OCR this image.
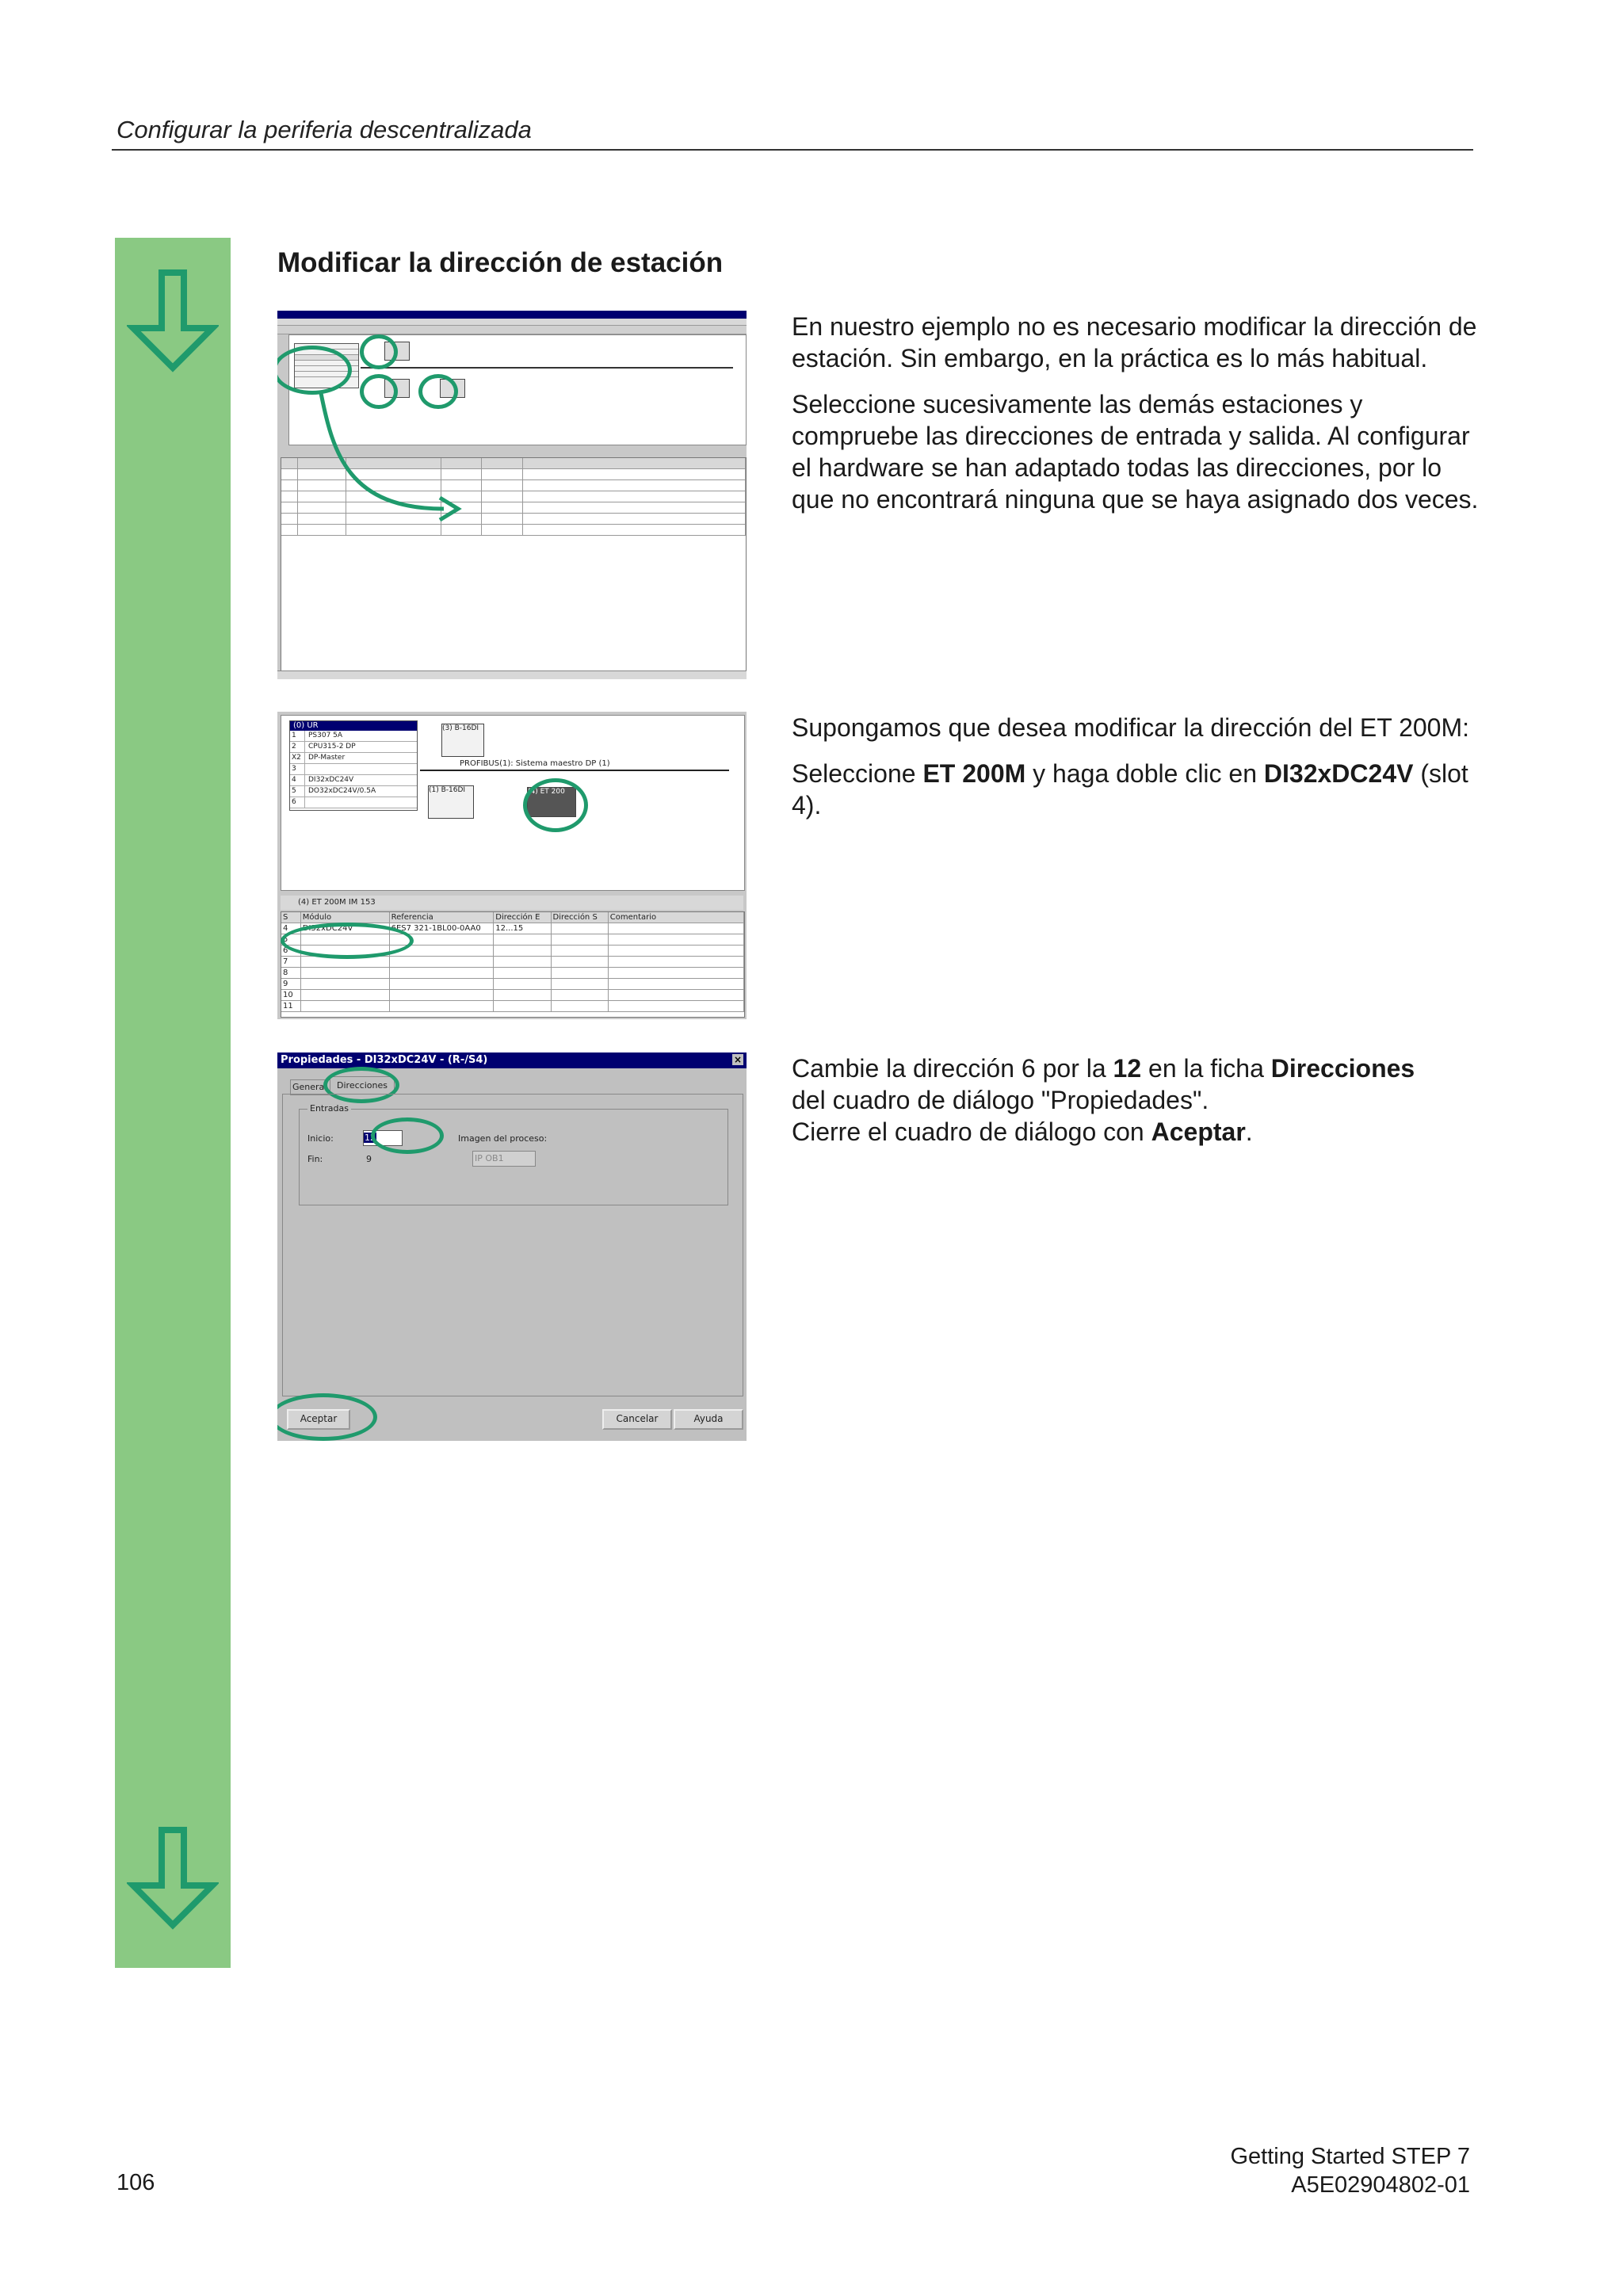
Configurar la periferia descentralizada
Modificar la dirección de estación

En nuestro ejemplo no es necesario modificar la dirección de estación. Sin embargo, en la práctica es lo más habitual.

Seleccione sucesivamente las demás estaciones y compruebe las direcciones de entrada y salida. Al configurar el hardware se han adaptado todas las direcciones, por lo que no encontrará ninguna que se haya asignado dos veces.

(0) UR
1	PS307 5A
2	CPU315-2 DP
X2	DP-Master
3
4	DI32xDC24V
5	DO32xDC24V/0.5A
6
(3) B-16DI
PROFIBUS(1): Sistema maestro DP (1)
(1) B-16DI	(4) ET 200
(4) ET 200M IM 153
S	Módulo	Referencia	Dirección E	Dirección S	Comentario
4	DI32xDC24V	6ES7 321-1BL00-0AA0	12...15
5
6
7
8
9
10
11

Supongamos que desea modificar la dirección del ET 200M:

Seleccione ET 200M y haga doble clic en DI32xDC24V (slot 4).

Propiedades - DI32xDC24V - (R-/S4)	×
General	Direcciones
Entradas
Inicio:	12
Fin:	9
Imagen del proceso:
IP OB1
Aceptar	Cancelar	Ayuda
Cambie la dirección 6 por la 12 en la ficha Direcciones
del cuadro de diálogo "Propiedades".
Cierre el cuadro de diálogo con Aceptar.
Getting Started STEP 7
A5E02904802-01
106
